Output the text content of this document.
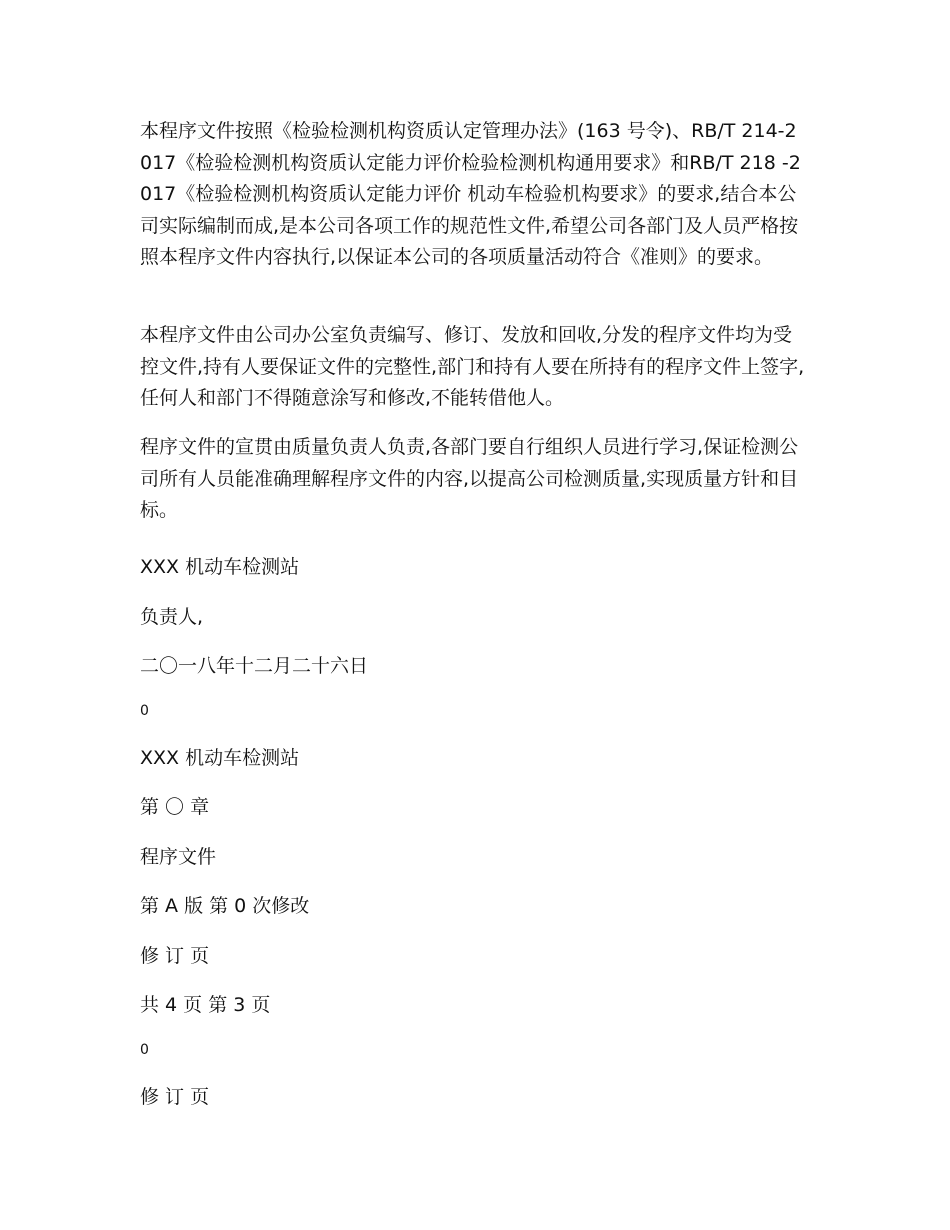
本程序文件按照《检验检测机构资质认定管理办法》(163 号令)、RB/T 214-2017《检验检测机构资质认定能力评价检验检测机构通用要求》和RB/T 218 -2017《检验检测机构资质认定能力评价 机动车检验机构要求》的要求,结合本公司实际编制而成,是本公司各项工作的规范性文件,希望公司各部门及人员严格按照本程序文件内容执行,以保证本公司的各项质量活动符合《准则》的要求。

本程序文件由公司办公室负责编写、修订、发放和回收,分发的程序文件均为受控文件,持有人要保证文件的完整性,部门和持有人要在所持有的程序文件上签字,任何人和部门不得随意涂写和修改,不能转借他人。

程序文件的宣贯由质量负责人负责,各部门要自行组织人员进行学习,保证检测公司所有人员能准确理解程序文件的内容,以提高公司检测质量,实现质量方针和目标。

XXX 机动车检测站

负责人,

二〇一八年十二月二十六日

0

XXX 机动车检测站

第 〇 章

程序文件

第 A 版 第 0 次修改

修 订 页

共 4 页 第 3 页

0

修 订 页
